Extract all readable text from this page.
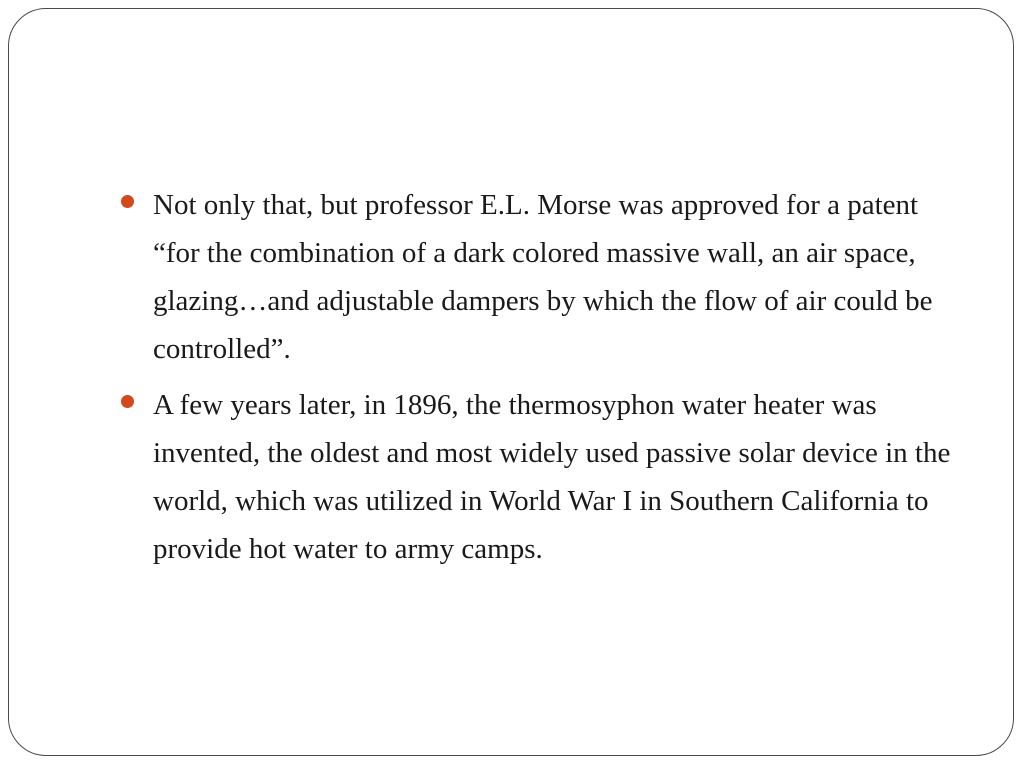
Not only that, but professor E.L. Morse was approved for a patent “for the combination of a dark colored massive wall, an air space, glazing…and adjustable dampers by which the flow of air could be controlled”.
A few years later, in 1896, the thermosyphon water heater was invented, the oldest and most widely used passive solar device in the world, which was utilized in World War I in Southern California to provide hot water to army camps.
